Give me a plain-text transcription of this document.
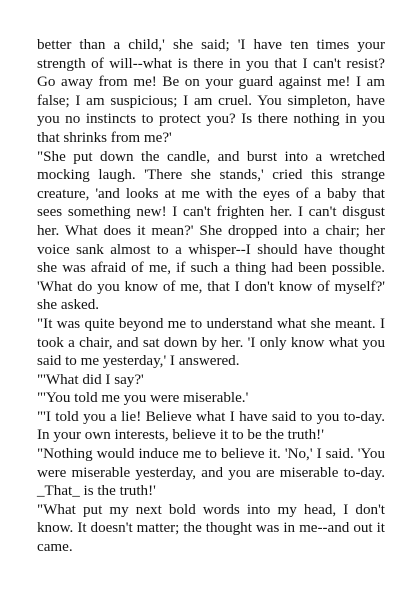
better than a child,' she said; 'I have ten times your strength of will--what is there in you that I can't resist? Go away from me! Be on your guard against me! I am false; I am suspicious; I am cruel. You simpleton, have you no instincts to protect you? Is there nothing in you that shrinks from me?'

"She put down the candle, and burst into a wretched mocking laugh. 'There she stands,' cried this strange creature, 'and looks at me with the eyes of a baby that sees something new! I can't frighten her. I can't disgust her. What does it mean?' She dropped into a chair; her voice sank almost to a whisper--I should have thought she was afraid of me, if such a thing had been possible. 'What do you know of me, that I don't know of myself?' she asked.

"It was quite beyond me to understand what she meant. I took a chair, and sat down by her. 'I only know what you said to me yesterday,' I answered.

"'What did I say?'

"'You told me you were miserable.'

"'I told you a lie! Believe what I have said to you to-day. In your own interests, believe it to be the truth!'

"Nothing would induce me to believe it. 'No,' I said. 'You were miserable yesterday, and you are miserable to-day. _That_ is the truth!'

"What put my next bold words into my head, I don't know. It doesn't matter; the thought was in me--and out it came.
